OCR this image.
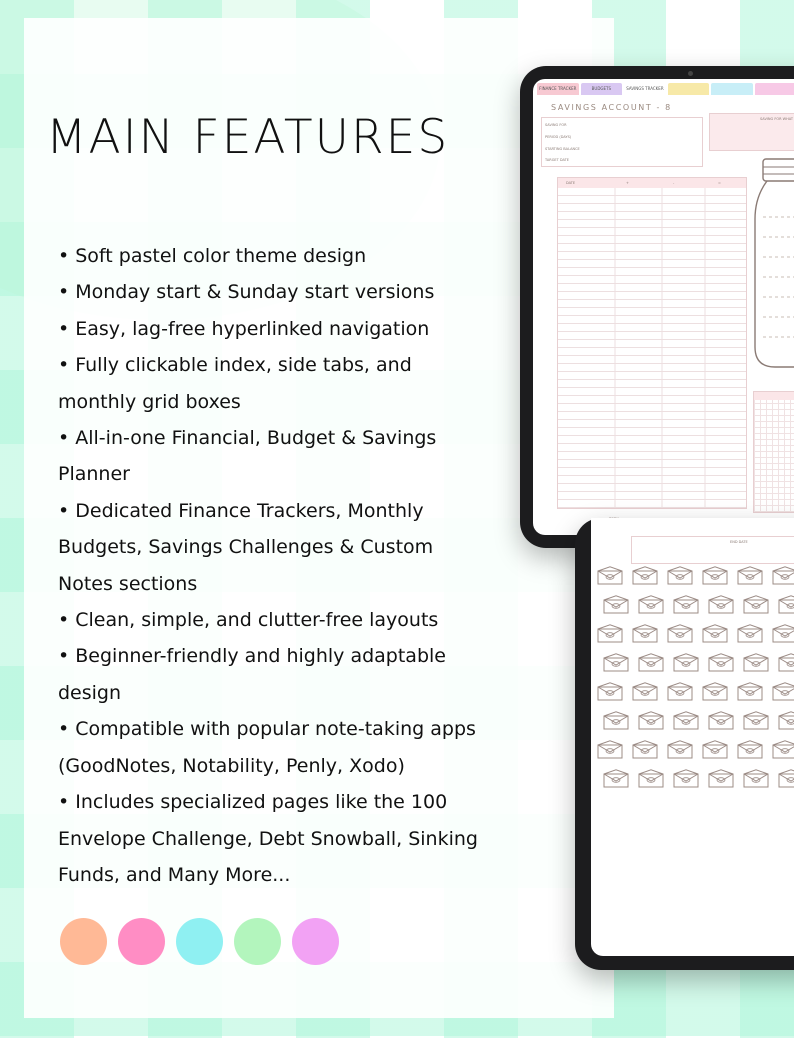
MAIN FEATURES
• Soft pastel color theme design
• Monday start & Sunday start versions
• Easy, lag-free hyperlinked navigation
• Fully clickable index, side tabs, and
monthly grid boxes
• All-in-one Financial, Budget & Savings
Planner
• Dedicated Finance Trackers, Monthly
Budgets, Savings Challenges & Custom
Notes sections
• Clean, simple, and clutter-free layouts
• Beginner-friendly and highly adaptable
design
• Compatible with popular note-taking apps
(GoodNotes, Notability, Penly, Xodo)
• Includes specialized pages like the 100
Envelope Challenge, Debt Snowball, Sinking
Funds, and Many More...
FINANCE TRACKER	BUDGETS	SAVINGS TRACKER
SAVINGS ACCOUNT - 8
SAVING FOR
PERIOD (DAYS)
STARTING BALANCE
TARGET DATE
SAVING FOR WHAT
DATE	+	-	=
END DATE
